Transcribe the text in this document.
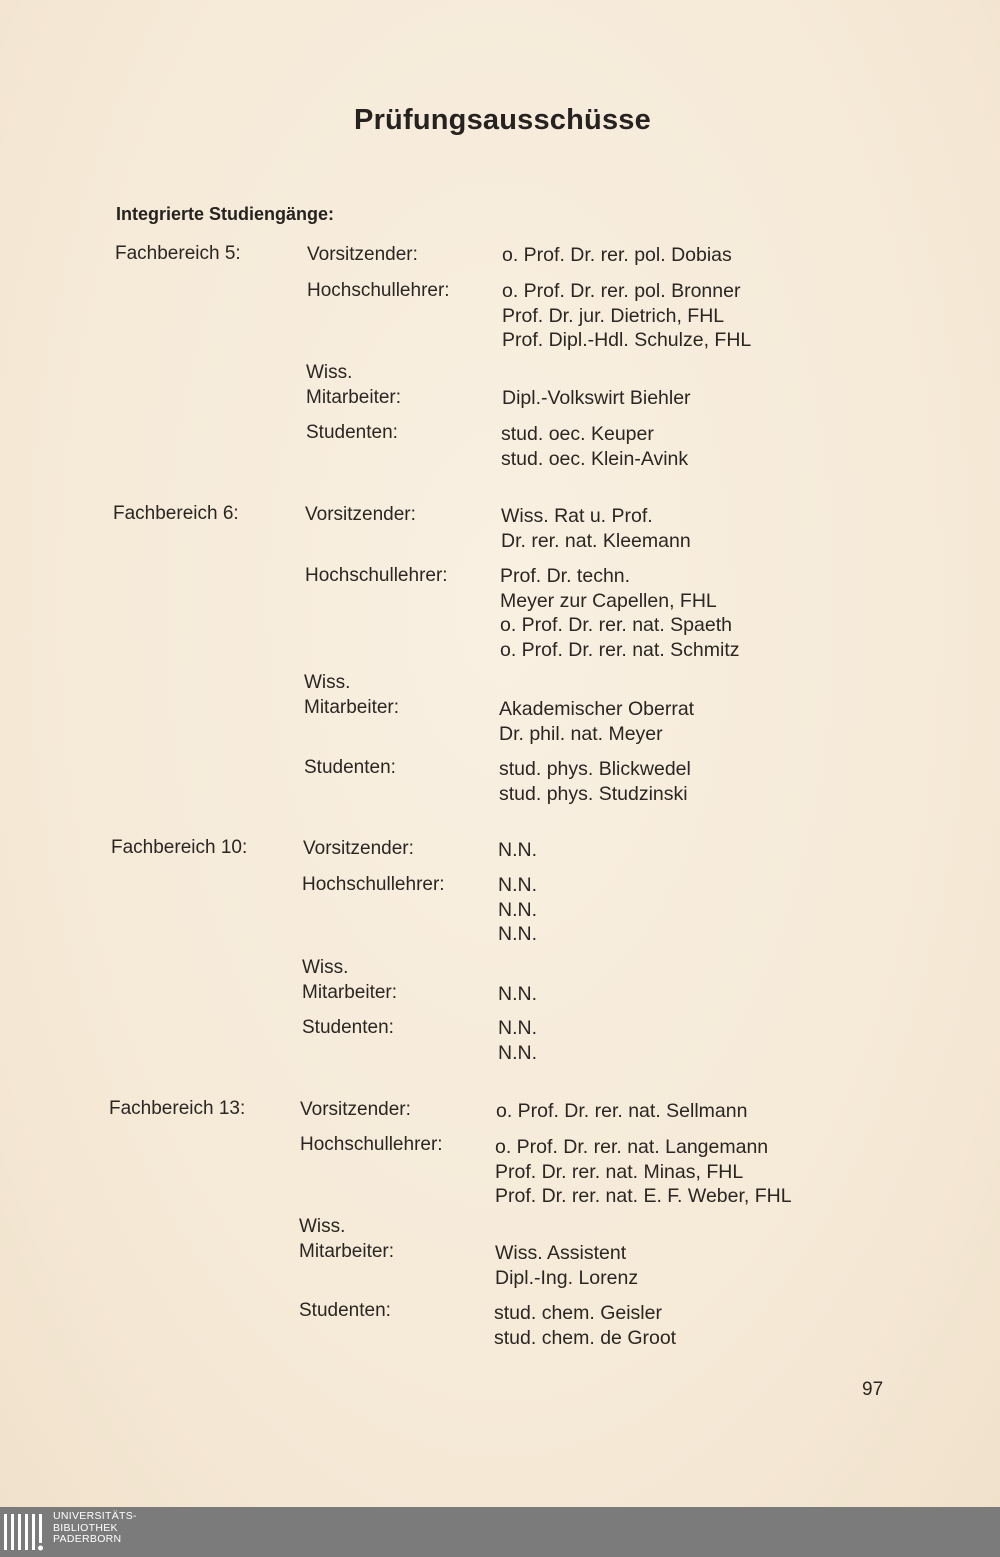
Prüfungsausschüsse
Integrierte Studiengänge:
Fachbereich 5:	Vorsitzender:	o. Prof. Dr. rer. pol. Dobias
Hochschullehrer:	o. Prof. Dr. rer. pol. Bronner
Prof. Dr. jur. Dietrich, FHL
Prof. Dipl.-Hdl. Schulze, FHL
Wiss.
Mitarbeiter:	Dipl.-Volkswirt Biehler
Studenten:	stud. oec. Keuper
stud. oec. Klein-Avink
Fachbereich 6:	Vorsitzender:	Wiss. Rat u. Prof.
Dr. rer. nat. Kleemann
Hochschullehrer:	Prof. Dr. techn.
Meyer zur Capellen, FHL
o. Prof. Dr. rer. nat. Spaeth
o. Prof. Dr. rer. nat. Schmitz
Wiss.
Mitarbeiter:	Akademischer Oberrat
Dr. phil. nat. Meyer
Studenten:	stud. phys. Blickwedel
stud. phys. Studzinski
Fachbereich 10:	Vorsitzender:	N.N.
Hochschullehrer:	N.N.
N.N.
N.N.
Wiss.
Mitarbeiter:	N.N.
Studenten:	N.N.
N.N.
Fachbereich 13:	Vorsitzender:	o. Prof. Dr. rer. nat. Sellmann
Hochschullehrer:	o. Prof. Dr. rer. nat. Langemann
Prof. Dr. rer. nat. Minas, FHL
Prof. Dr. rer. nat. E. F. Weber, FHL
Wiss.
Mitarbeiter:	Wiss. Assistent
Dipl.-Ing. Lorenz
Studenten:	stud. chem. Geisler
stud. chem. de Groot
97
UNIVERSITÄTS-
BIBLIOTHEK
PADERBORN
